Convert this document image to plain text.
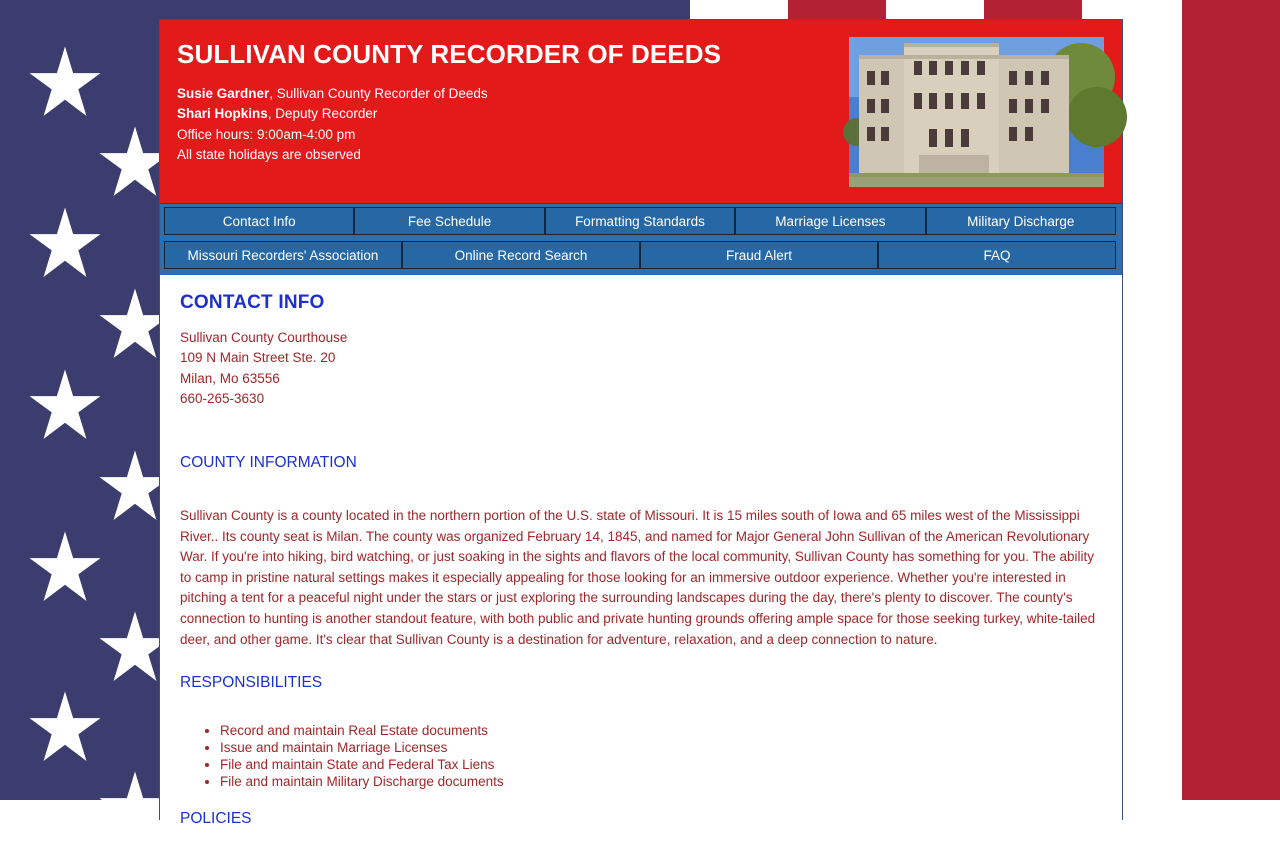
SULLIVAN COUNTY RECORDER OF DEEDS
Susie Gardner, Sullivan County Recorder of Deeds
Shari Hopkins, Deputy Recorder
Office hours: 9:00am-4:00 pm
All state holidays are observed
Contact Info	Fee Schedule	Formatting Standards	Marriage Licenses	Military Discharge
Missouri Recorders' Association	Online Record Search	Fraud Alert	FAQ
CONTACT INFO
Sullivan County Courthouse
109 N Main Street Ste. 20
Milan, Mo 63556
660-265-3630
COUNTY INFORMATION

Sullivan County is a county located in the northern portion of the U.S. state of Missouri. It is 15 miles south of Iowa and 65 miles west of the Mississippi River.. Its county seat is Milan. The county was organized February 14, 1845, and named for Major General John Sullivan of the American Revolutionary War. If you're into hiking, bird watching, or just soaking in the sights and flavors of the local community, Sullivan County has something for you. The ability to camp in pristine natural settings makes it especially appealing for those looking for an immersive outdoor experience. Whether you're interested in pitching a tent for a peaceful night under the stars or just exploring the surrounding landscapes during the day, there's plenty to discover. The county's connection to hunting is another standout feature, with both public and private hunting grounds offering ample space for those seeking turkey, white-tailed deer, and other game. It's clear that Sullivan County is a destination for adventure, relaxation, and a deep connection to nature.

RESPONSIBILITIES
• Record and maintain Real Estate documents
• Issue and maintain Marriage Licenses
• File and maintain State and Federal Tax Liens
• File and maintain Military Discharge documents
POLICIES
